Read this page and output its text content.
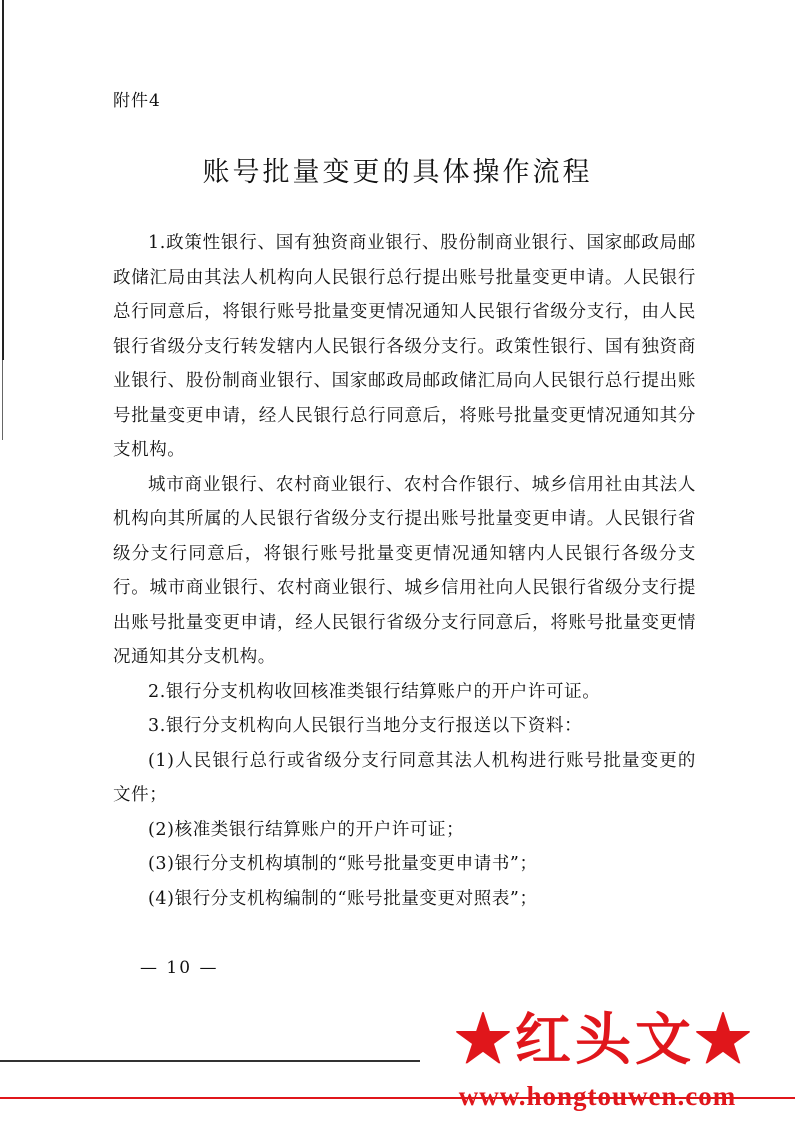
附件4
账号批量变更的具体操作流程

1.政策性银行、国有独资商业银行、股份制商业银行、国家邮政局邮政储汇局由其法人机构向人民银行总行提出账号批量变更申请。人民银行总行同意后，将银行账号批量变更情况通知人民银行省级分支行，由人民银行省级分支行转发辖内人民银行各级分支行。政策性银行、国有独资商业银行、股份制商业银行、国家邮政局邮政储汇局向人民银行总行提出账号批量变更申请，经人民银行总行同意后，将账号批量变更情况通知其分支机构。

城市商业银行、农村商业银行、农村合作银行、城乡信用社由其法人机构向其所属的人民银行省级分支行提出账号批量变更申请。人民银行省级分支行同意后，将银行账号批量变更情况通知辖内人民银行各级分支行。城市商业银行、农村商业银行、城乡信用社向人民银行省级分支行提出账号批量变更申请，经人民银行省级分支行同意后，将账号批量变更情况通知其分支机构。

2.银行分支机构收回核准类银行结算账户的开户许可证。

3.银行分支机构向人民银行当地分支行报送以下资料：

(1)人民银行总行或省级分支行同意其法人机构进行账号批量变更的文件；

(2)核准类银行结算账户的开户许可证；

(3)银行分支机构填制的“账号批量变更申请书”；

(4)银行分支机构编制的“账号批量变更对照表”；

— 10 —
★红头文★
www.hongtouwen.com
